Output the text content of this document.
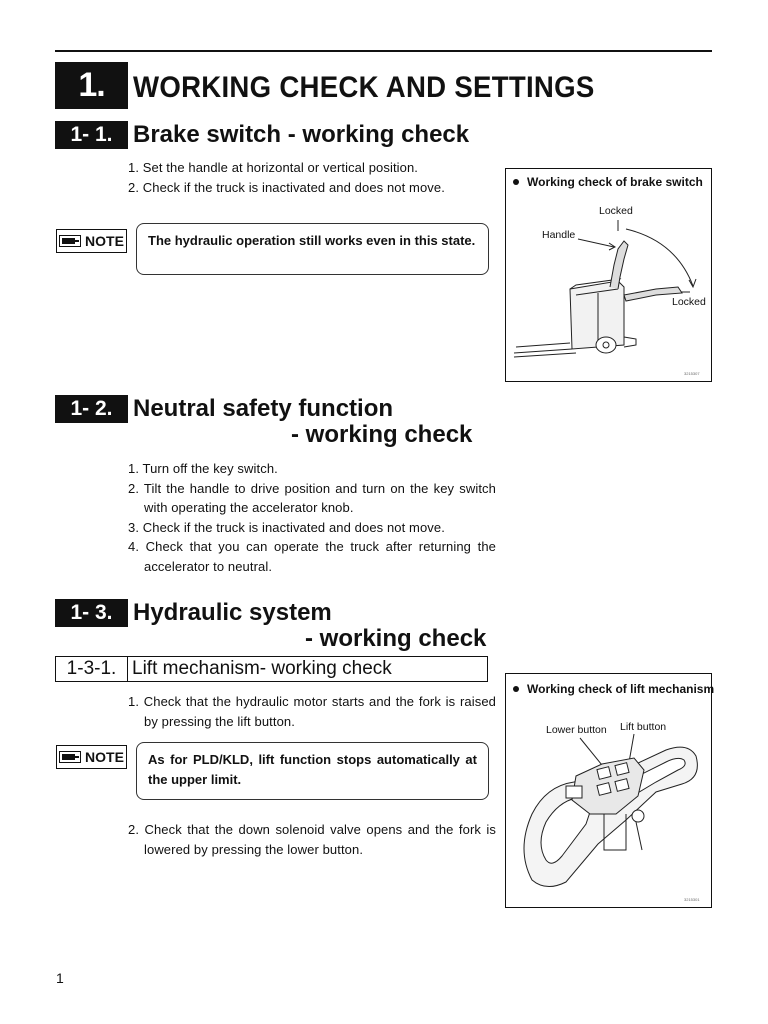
1. WORKING CHECK AND SETTINGS
1- 1. Brake switch - working check
1. Set the handle at horizontal or vertical position.
2. Check if the truck is inactivated and does not move.
NOTE	The hydraulic operation still works even in this state.
Working check of brake switch
Locked
Handle
Locked
3215307
1- 2. Neutral safety function
- working check
1. Turn off the key switch.
2. Tilt the handle to drive position and turn on the key switch with operating the accelerator knob.
3. Check if the truck is inactivated and does not move.
4. Check that you can operate the truck after returning the accelerator to neutral.
1- 3. Hydraulic system
- working check
1-3-1. Lift mechanism- working check
1. Check that the hydraulic motor starts and the fork is raised by pressing the lift button.
NOTE	As for PLD/KLD, lift function stops automatically at the upper limit.
2. Check that the down solenoid valve opens and the fork is lowered by pressing the lower button.
Working check of lift mechanism
Lower button Lift button
3215301
1
